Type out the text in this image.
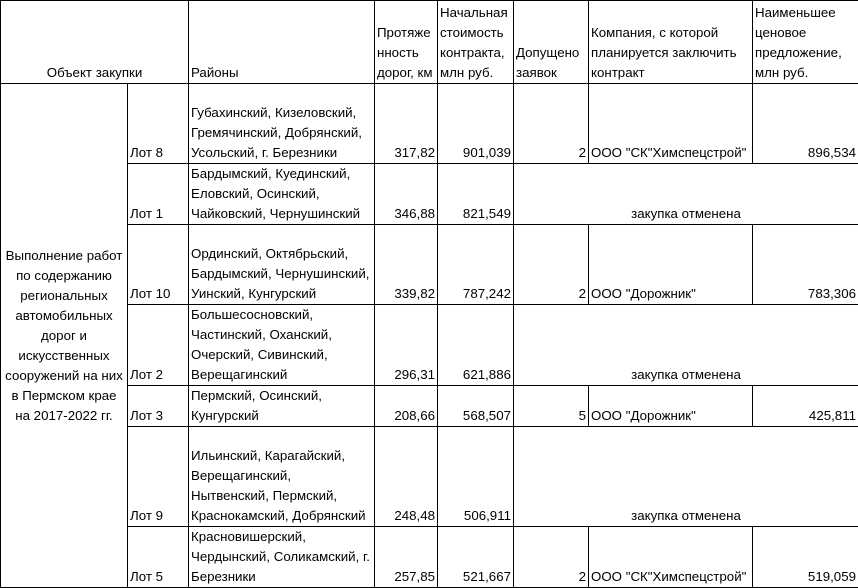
Объект закупки		Районы	Протяже нность дорог, км	Начальная стоимость контракта, млн руб.	Допущено заявок	Компания, с которой планируется заключить контракт	Наименьшее ценовое предложение, млн руб.
Выполнение работ по содержанию региональных автомобильных дорог и искусственных сооружений на них в Пермском крае на 2017-2022 гг.	Лот 8	Губахинский, Кизеловский, Гремячинский, Добрянский, Усольский, г. Березники	317,82	901,039	2	ООО "СК"Химспецстрой"	896,534
	Лот 1	Бардымский, Куединский, Еловский, Осинский, Чайковский, Чернушинский	346,88	821,549	закупка отменена		
	Лот 10	Ординский, Октябрьский, Бардымский, Чернушинский, Уинский, Кунгурский	339,82	787,242	2	ООО "Дорожник"	783,306
	Лот 2	Большесосновский, Частинский, Оханский, Очерский, Сивинский, Верещагинский	296,31	621,886	закупка отменена		
	Лот 3	Пермский, Осинский, Кунгурский	208,66	568,507	5	ООО "Дорожник"	425,811
	Лот 9	Ильинский, Карагайский, Верещагинский, Нытвенский, Пермский, Краснокамский, Добрянский	248,48	506,911	закупка отменена		
	Лот 5	Красновишерский, Чердынский, Соликамский, г. Березники	257,85	521,667	2	ООО "СК"Химспецстрой"	519,059
